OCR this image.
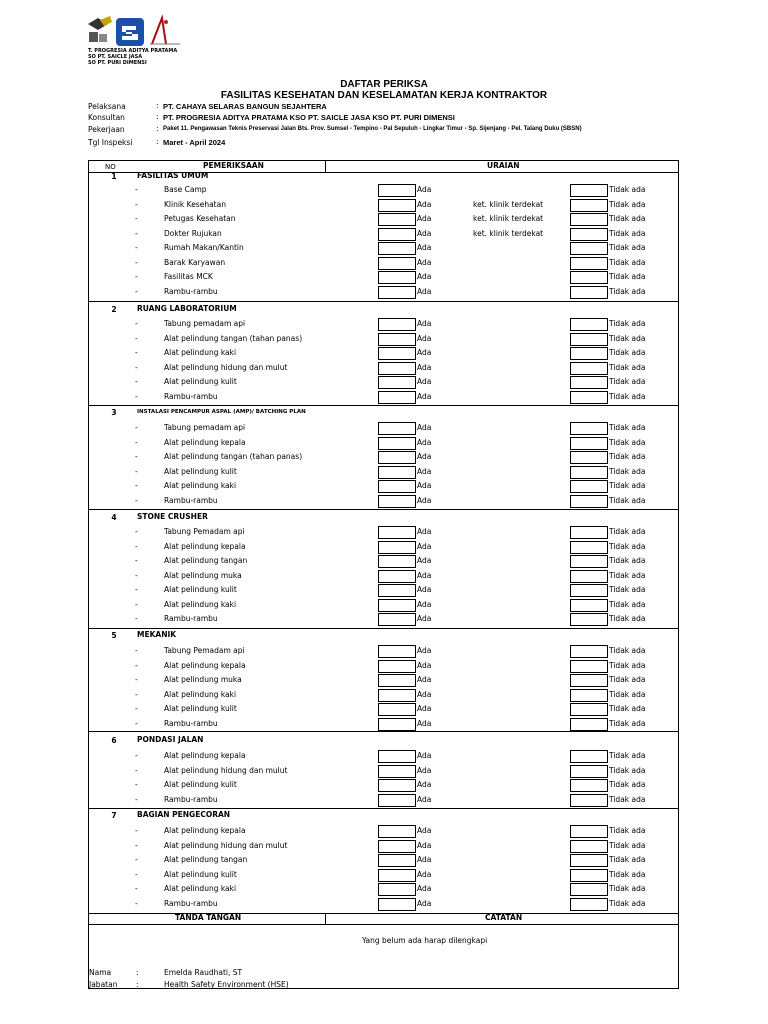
T. PROGRESIA ADITYA PRATAMA
SO PT. SAICLE JASA
SO PT. PURI DIMENSI
DAFTAR PERIKSA
FASILITAS KESEHATAN DAN KESELAMATAN KERJA KONTRAKTOR
Pelaksana	: PT. CAHAYA SELARAS BANGUN SEJAHTERA
Konsultan	: PT. PROGRESIA ADITYA PRATAMA KSO PT. SAICLE JASA KSO PT. PURI DIMENSI
Pekerjaan	: Paket 11. Pengawasan Teknis Preservasi Jalan Bts. Prov. Sumsel - Tempino - Pal Sepuluh - Lingkar Timur - Sp. Sijenjang - Pel. Talang Duku (SBSN)
Tgl Inspeksi	: Maret - April 2024
NO	PEMERIKSAAN	URAIAN
1	FASILITAS UMUM
-	Base Camp	Ada	Tidak ada
-	Klinik Kesehatan	Ada	ket. klinik terdekat	Tidak ada
-	Petugas Kesehatan	Ada	ket. klinik terdekat	Tidak ada
-	Dokter Rujukan	Ada	ket. klinik terdekat	Tidak ada
-	Rumah Makan/Kantin	Ada	Tidak ada
-	Barak Karyawan	Ada	Tidak ada
-	Fasilitas MCK	Ada	Tidak ada
-	Rambu-rambu	Ada	Tidak ada
2	RUANG LABORATORIUM
-	Tabung pemadam api	Ada	Tidak ada
-	Alat pelindung tangan (tahan panas)	Ada	Tidak ada
-	Alat pelindung kaki	Ada	Tidak ada
-	Alat pelindung hidung dan mulut	Ada	Tidak ada
-	Alat pelindung kulit	Ada	Tidak ada
-	Rambu-rambu	Ada	Tidak ada
3	INSTALASI PENCAMPUR ASPAL (AMP)/ BATCHING PLAN
-	Tabung pemadam api	Ada	Tidak ada
-	Alat pelindung kepala	Ada	Tidak ada
-	Alat pelindung tangan (tahan panas)	Ada	Tidak ada
-	Alat pelindung kulit	Ada	Tidak ada
-	Alat pelindung kaki	Ada	Tidak ada
-	Rambu-rambu	Ada	Tidak ada
4	STONE CRUSHER
-	Tabung Pemadam api	Ada	Tidak ada
-	Alat pelindung kepala	Ada	Tidak ada
-	Alat pelindung tangan	Ada	Tidak ada
-	Alat pelindung muka	Ada	Tidak ada
-	Alat pelindung kulit	Ada	Tidak ada
-	Alat pelindung kaki	Ada	Tidak ada
-	Rambu-rambu	Ada	Tidak ada
5	MEKANIK
-	Tabung Pemadam api	Ada	Tidak ada
-	Alat pelindung kepala	Ada	Tidak ada
-	Alat pelindung muka	Ada	Tidak ada
-	Alat pelindung kaki	Ada	Tidak ada
-	Alat pelindung kulit	Ada	Tidak ada
-	Rambu-rambu	Ada	Tidak ada
6	PONDASI JALAN
-	Alat pelindung kepala	Ada	Tidak ada
-	Alat pelindung hidung dan mulut	Ada	Tidak ada
-	Alat pelindung kulit	Ada	Tidak ada
-	Rambu-rambu	Ada	Tidak ada
7	BAGIAN PENGECORAN
-	Alat pelindung kepala	Ada	Tidak ada
-	Alat pelindung hidung dan mulut	Ada	Tidak ada
-	Alat pelindung tangan	Ada	Tidak ada
-	Alat pelindung kulit	Ada	Tidak ada
-	Alat pelindung kaki	Ada	Tidak ada
-	Rambu-rambu	Ada	Tidak ada
TANDA TANGAN	CATATAN
Yang belum ada harap dilengkapi
Nama	:	Emelda Raudhati, ST
Jabatan :	Health Safety Environment (HSE)
